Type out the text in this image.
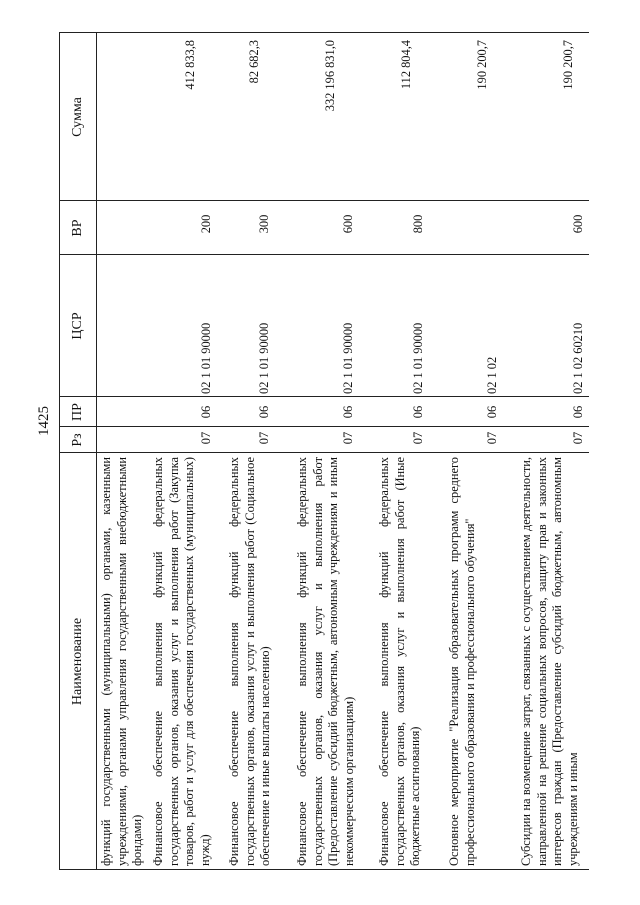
1425
Наименование
Рз
ПР
ЦСР
ВР
Сумма
функций государственными (муниципальными) органами, казенными учреждениями, органами управления государственными внебюджетными фондами) Финансовое обеспечение выполнения функций федеральных государственных органов, оказания услуг и выполнения работ (Закупка товаров, работ и услуг для обеспечения государственных (муниципальных) нужд)
07
06
02 1 01 90000
200
412 833,8
Финансовое обеспечение выполнения функций федеральных государственных органов, оказания услуг и выполнения работ (Социальное обеспечение и иные выплаты населению)
07
06
02 1 01 90000
300
82 682,3
Финансовое обеспечение выполнения функций федеральных государственных органов, оказания услуг и выполнения работ (Предоставление субсидий бюджетным, автономным учреждениям и иным некоммерческим организациям)
07
06
02 1 01 90000
600
332 196 831,0
Финансовое обеспечение выполнения функций федеральных государственных органов, оказания услуг и выполнения работ (Иные бюджетные ассигнования)
07
06
02 1 01 90000
800
112 804,4
Основное мероприятие "Реализация образовательных программ среднего профессионального образования и профессионального обучения"
07
06
02 1 02
190 200,7
Субсидии на возмещение затрат, связанных с осуществлением деятельности, направленной на решение социальных вопросов, защиту прав и законных интересов граждан (Предоставление субсидий бюджетным, автономным учреждениям и иным
07
06
02 1 02 60210
600
190 200,7
